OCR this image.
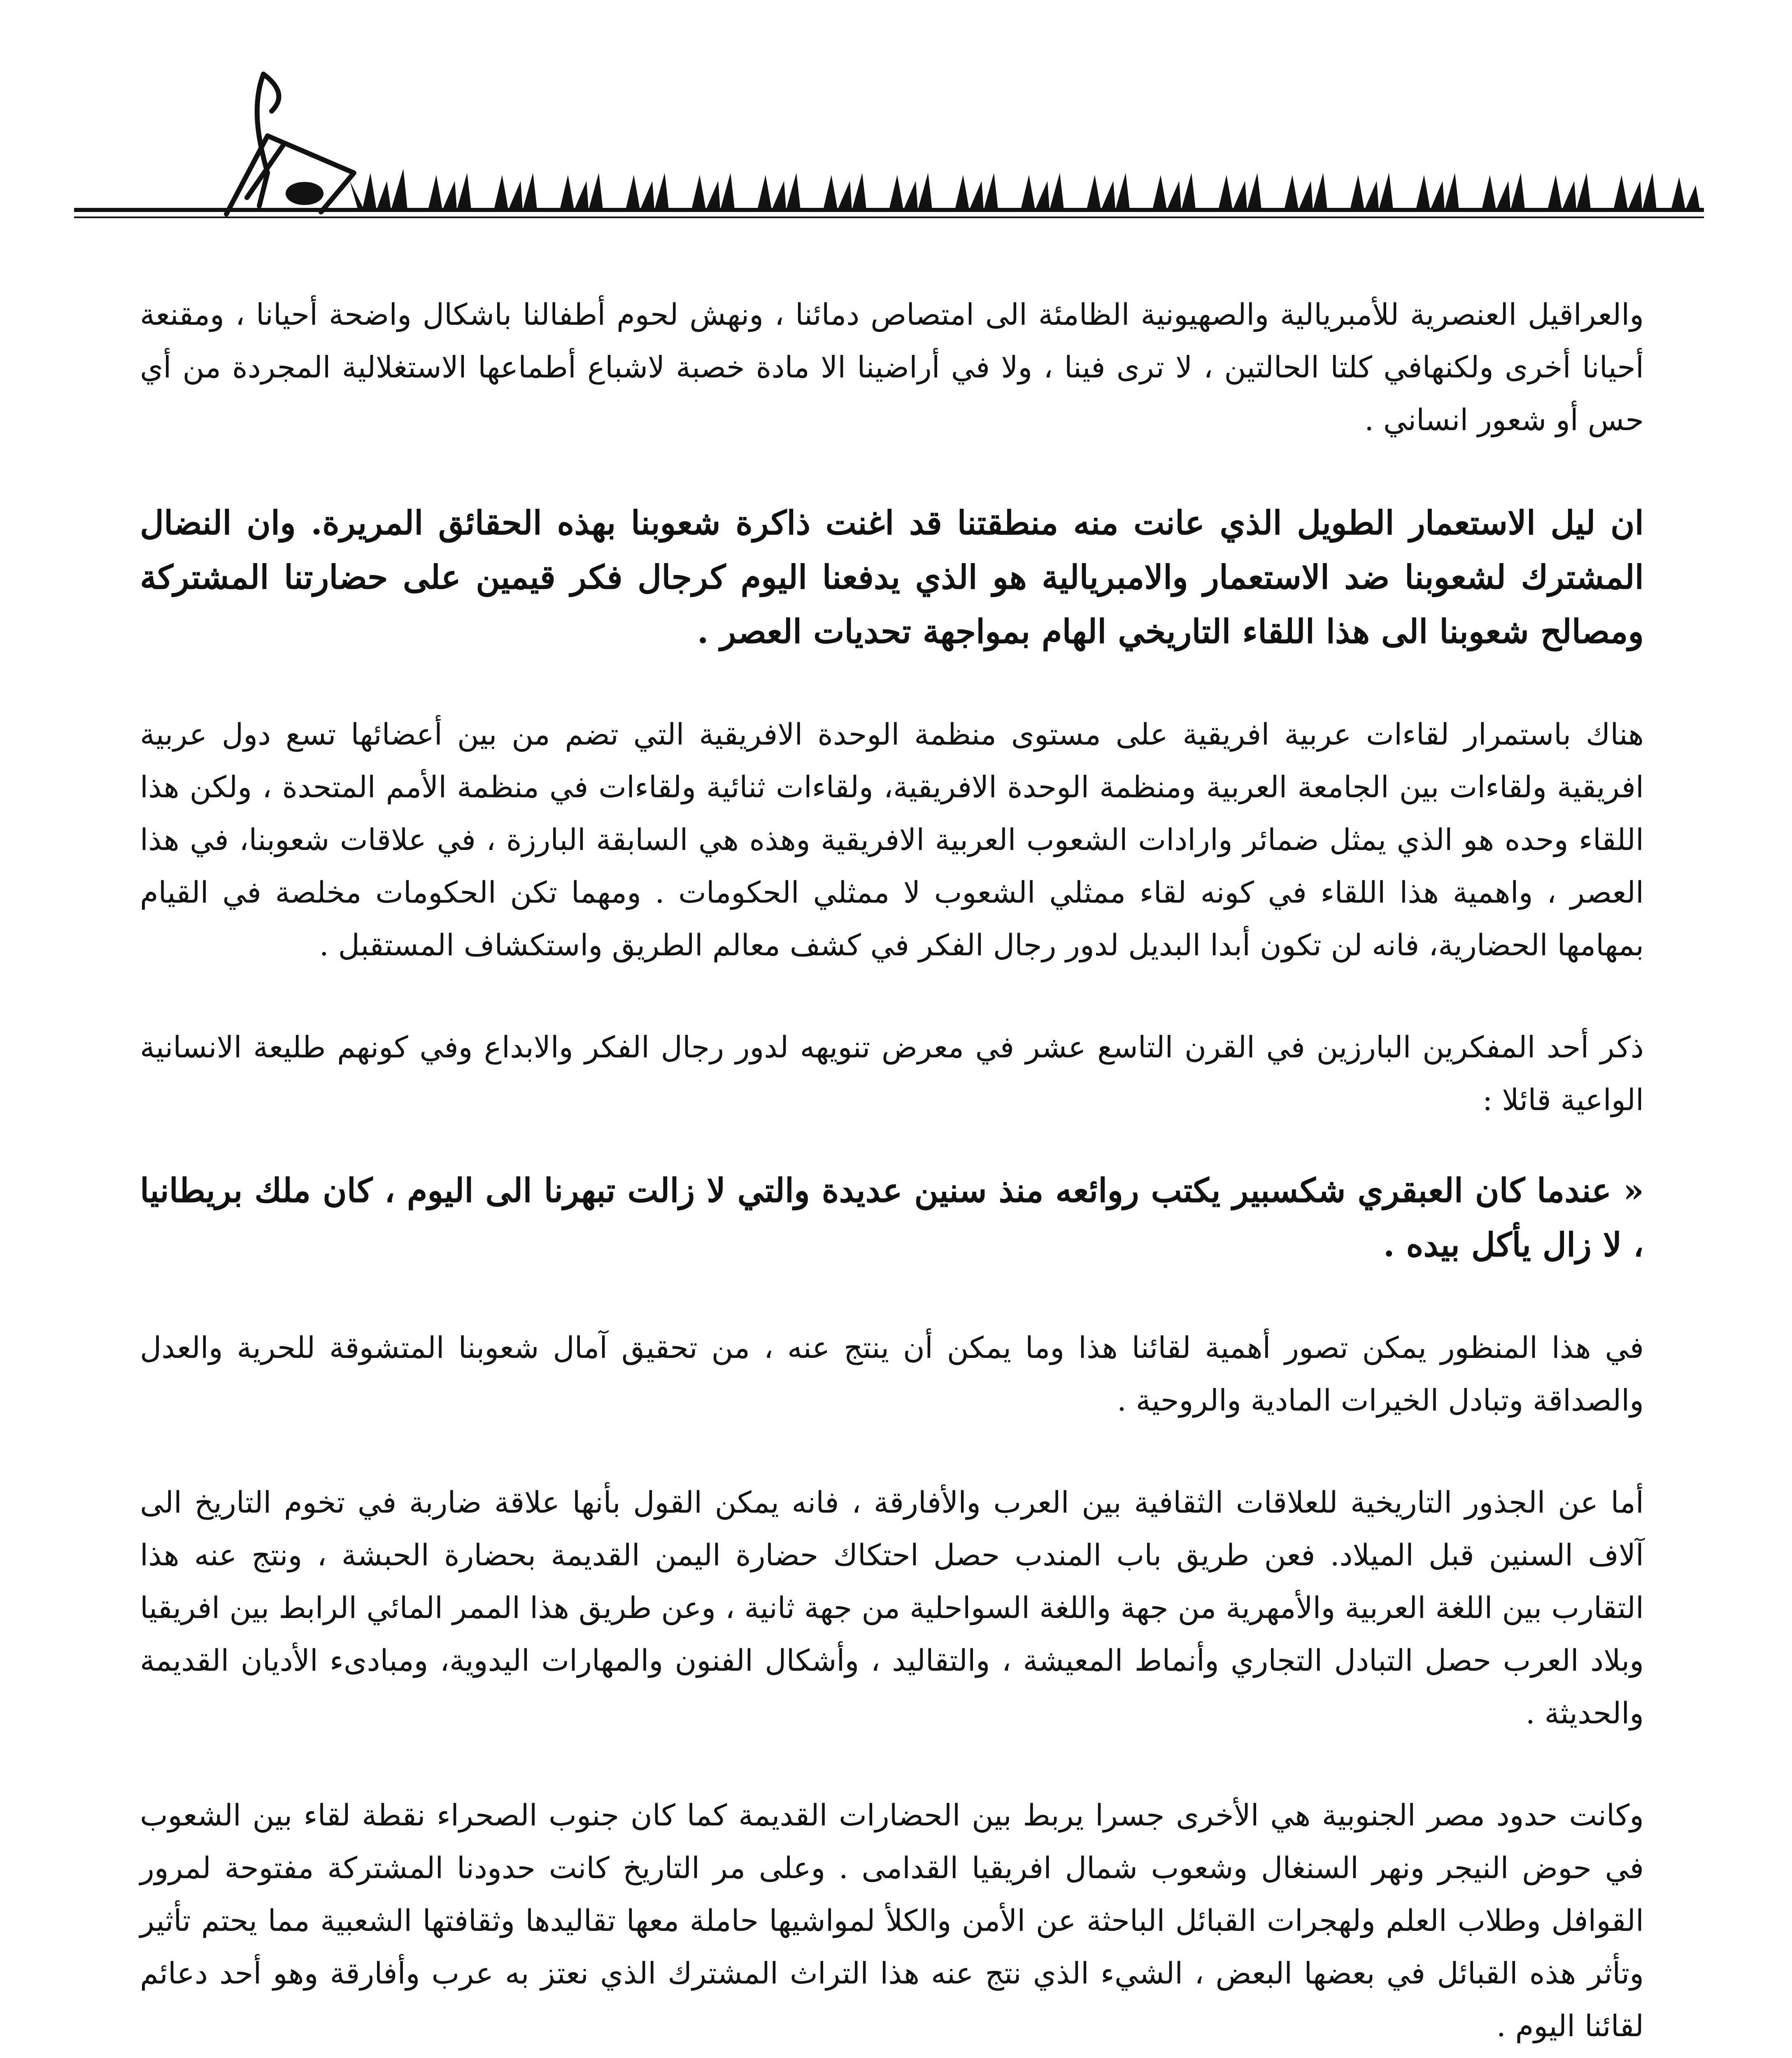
والعراقيل العنصرية للأمبريالية والصهيونية الظامئة الى امتصاص دمائنا ، ونهش لحوم أطفالنا باشكال واضحة أحيانا ، ومقنعة أحيانا أخرى ولكنهافي كلتا الحالتين ، لا ترى فينا ، ولا في أراضينا الا مادة خصبة لاشباع أطماعها الاستغلالية المجردة من أي حس أو شعور انساني .

ان ليل الاستعمار الطويل الذي عانت منه منطقتنا قد اغنت ذاكرة شعوبنا بهذه الحقائق المريرة. وان النضال المشترك لشعوبنا ضد الاستعمار والامبريالية هو الذي يدفعنا اليوم كرجال فكر قيمين على حضارتنا المشتركة ومصالح شعوبنا الى هذا اللقاء التاريخي الهام بمواجهة تحديات العصر .

هناك باستمرار لقاءات عربية افريقية على مستوى منظمة الوحدة الافريقية التي تضم من بين أعضائها تسع دول عربية افريقية ولقاءات بين الجامعة العربية ومنظمة الوحدة الافريقية، ولقاءات ثنائية ولقاءات في منظمة الأمم المتحدة ، ولكن هذا اللقاء وحده هو الذي يمثل ضمائر وارادات الشعوب العربية الافريقية وهذه هي السابقة البارزة ، في علاقات شعوبنا، في هذا العصر ، واهمية هذا اللقاء في كونه لقاء ممثلي الشعوب لا ممثلي الحكومات . ومهما تكن الحكومات مخلصة في القيام بمهامها الحضارية، فانه لن تكون أبدا البديل لدور رجال الفكر في كشف معالم الطريق واستكشاف المستقبل .

ذكر أحد المفكرين البارزين في القرن التاسع عشر في معرض تنويهه لدور رجال الفكر والابداع وفي كونهم طليعة الانسانية الواعية قائلا :

« عندما كان العبقري شكسبير يكتب روائعه منذ سنين عديدة والتي لا زالت تبهرنا الى اليوم ، كان ملك بريطانيا ، لا زال يأكل بيده .

في هذا المنظور يمكن تصور أهمية لقائنا هذا وما يمكن أن ينتج عنه ، من تحقيق آمال شعوبنا المتشوقة للحرية والعدل والصداقة وتبادل الخيرات المادية والروحية .

أما عن الجذور التاريخية للعلاقات الثقافية بين العرب والأفارقة ، فانه يمكن القول بأنها علاقة ضاربة في تخوم التاريخ الى آلاف السنين قبل الميلاد. فعن طريق باب المندب حصل احتكاك حضارة اليمن القديمة بحضارة الحبشة ، ونتج عنه هذا التقارب بين اللغة العربية والأمهرية من جهة واللغة السواحلية من جهة ثانية ، وعن طريق هذا الممر المائي الرابط بين افريقيا وبلاد العرب حصل التبادل التجاري وأنماط المعيشة ، والتقاليد ، وأشكال الفنون والمهارات اليدوية، ومبادىء الأديان القديمة والحديثة .

وكانت حدود مصر الجنوبية هي الأخرى جسرا يربط بين الحضارات القديمة كما كان جنوب الصحراء نقطة لقاء بين الشعوب في حوض النيجر ونهر السنغال وشعوب شمال افريقيا القدامى . وعلى مر التاريخ كانت حدودنا المشتركة مفتوحة لمرور القوافل وطلاب العلم ولهجرات القبائل الباحثة عن الأمن والكلأ لمواشيها حاملة معها تقاليدها وثقافتها الشعبية مما يحتم تأثير وتأثر هذه القبائل في بعضها البعض ، الشيء الذي نتج عنه هذا التراث المشترك الذي نعتز به عرب وأفارقة وهو أحد دعائم لقائنا اليوم .
